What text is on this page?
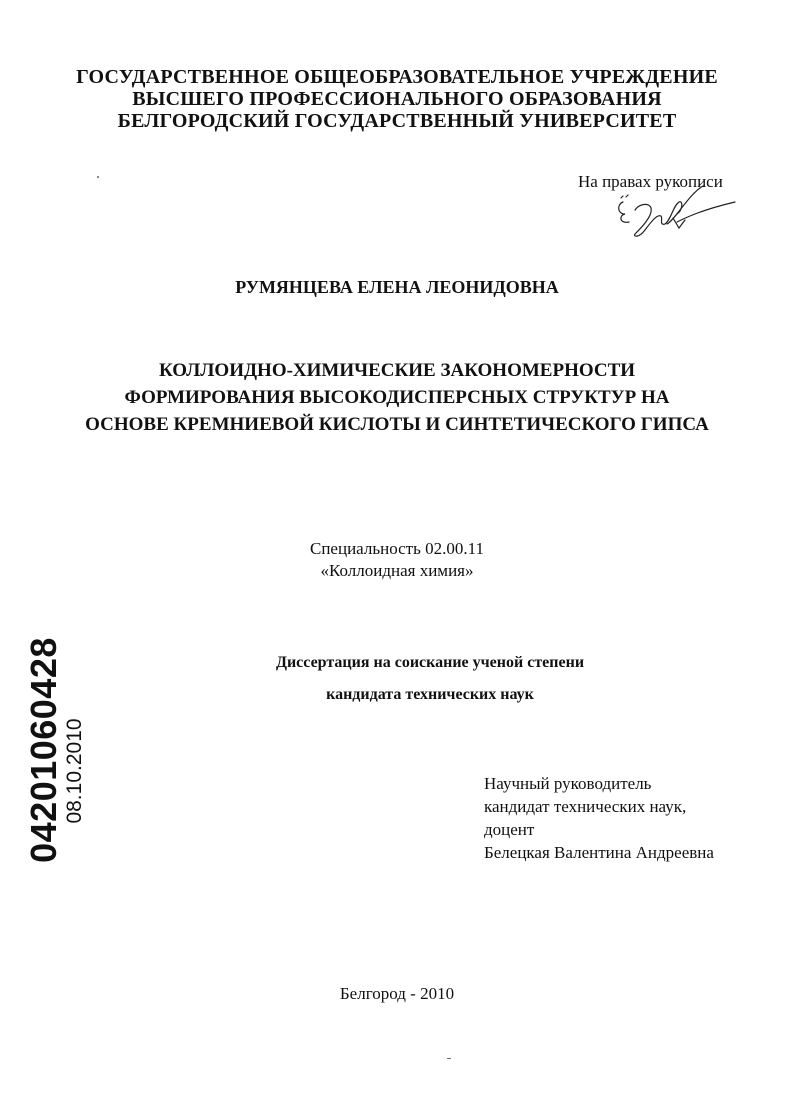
ГОСУДАРСТВЕННОЕ ОБЩЕОБРАЗОВАТЕЛЬНОЕ УЧРЕЖДЕНИЕ
ВЫСШЕГО ПРОФЕССИОНАЛЬНОГО ОБРАЗОВАНИЯ
БЕЛГОРОДСКИЙ ГОСУДАРСТВЕННЫЙ УНИВЕРСИТЕТ
На правах рукописи
РУМЯНЦЕВА ЕЛЕНА ЛЕОНИДОВНА
КОЛЛОИДНО-ХИМИЧЕСКИЕ ЗАКОНОМЕРНОСТИ
ФОРМИРОВАНИЯ ВЫСОКОДИСПЕРСНЫХ СТРУКТУР НА
ОСНОВЕ КРЕМНИЕВОЙ КИСЛОТЫ И СИНТЕТИЧЕСКОГО ГИПСА
Специальность 02.00.11
«Коллоидная химия»
Диссертация на соискание ученой степени
кандидата технических наук
Научный руководитель
кандидат технических наук,
доцент
Белецкая Валентина Андреевна
Белгород - 2010
04201060428 08.10.2010
